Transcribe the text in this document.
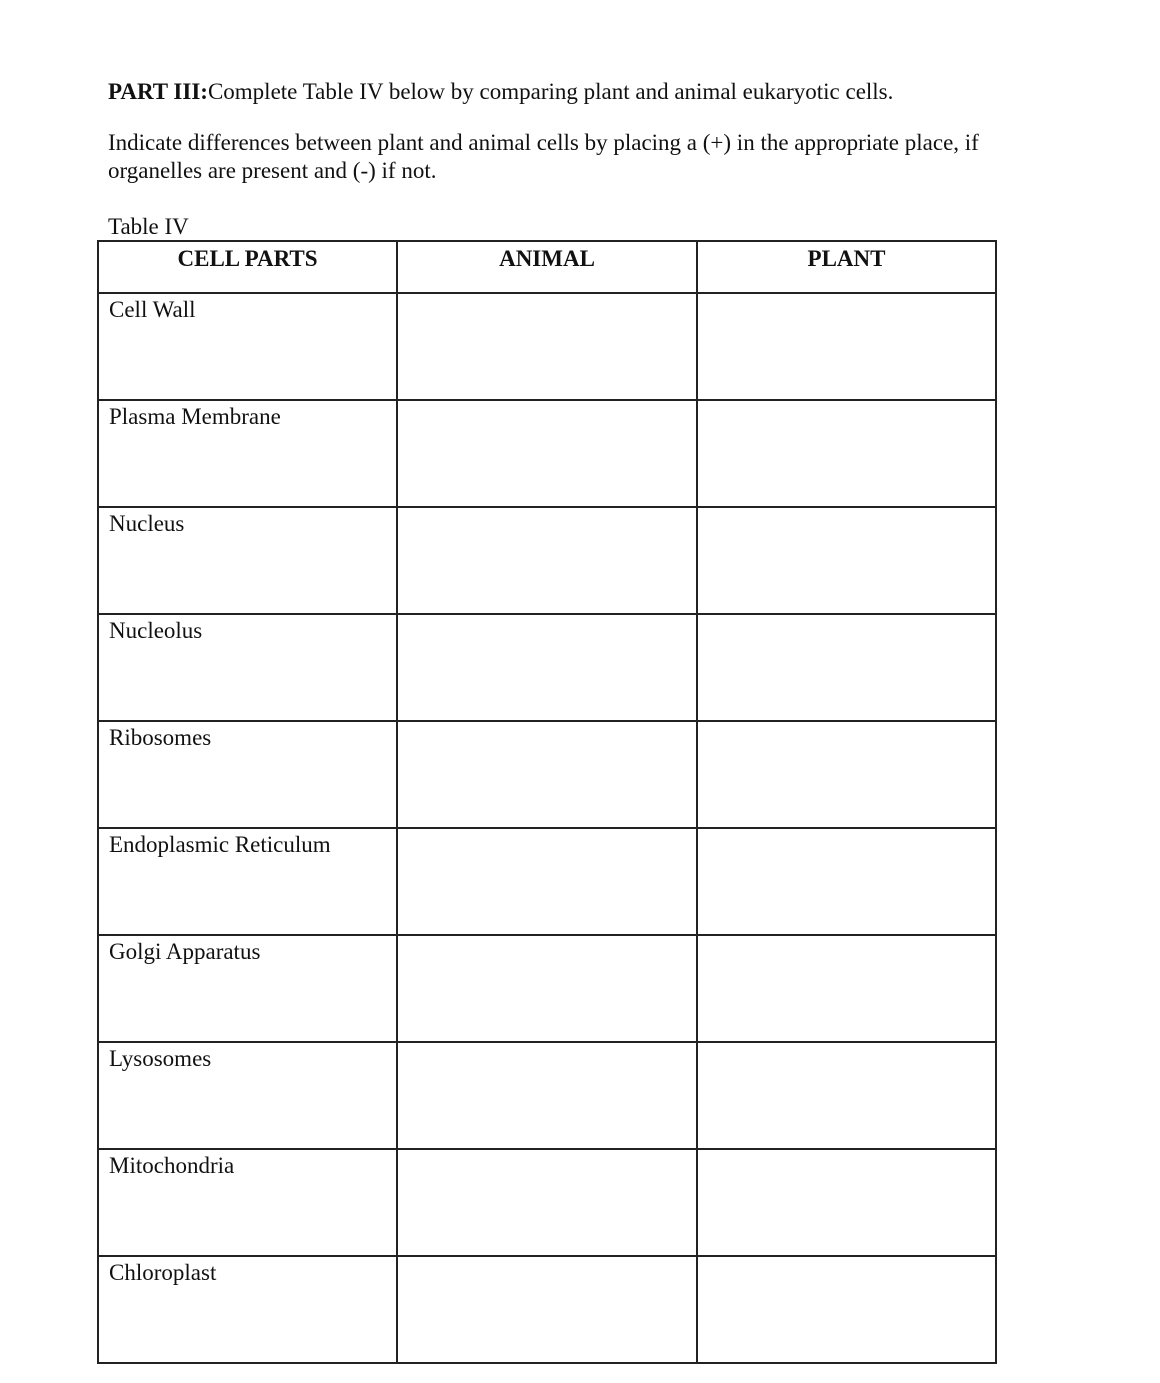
PART III:Complete Table IV below by comparing plant and animal eukaryotic cells.
Indicate differences between plant and animal cells by placing a (+) in the appropriate place, if organelles are present and (-) if not.
Table IV
CELL PARTS	ANIMAL	PLANT
Cell Wall		
Plasma Membrane		
Nucleus		
Nucleolus		
Ribosomes		
Endoplasmic Reticulum		
Golgi Apparatus		
Lysosomes		
Mitochondria		
Chloroplast		
